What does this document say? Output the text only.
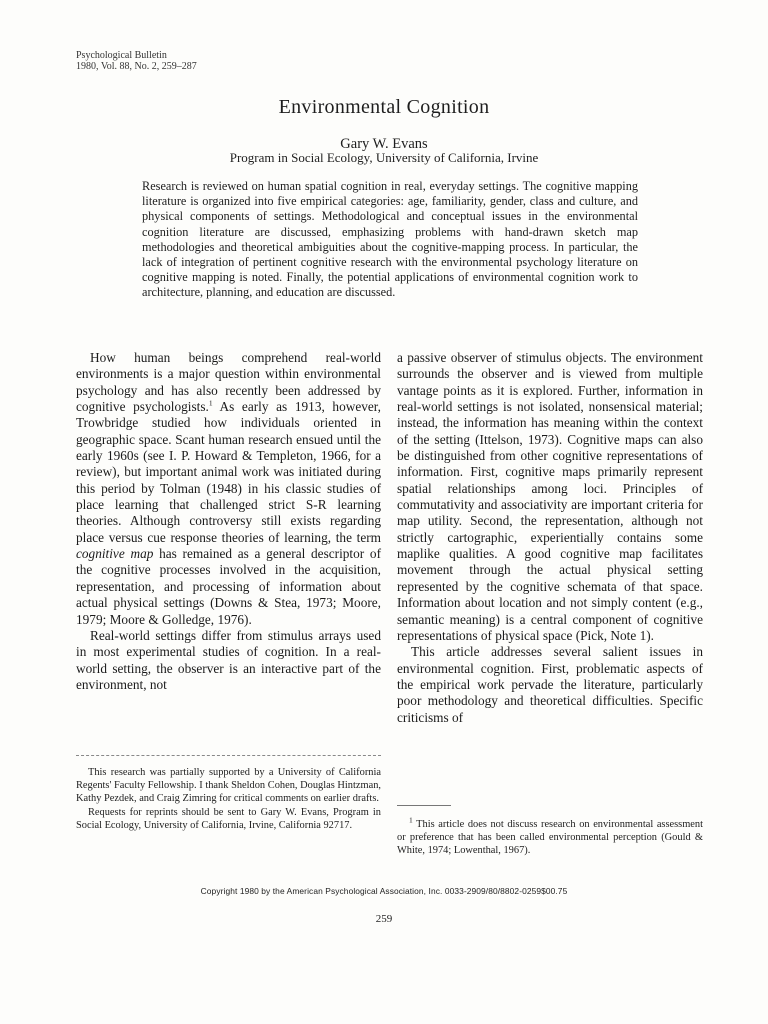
Psychological Bulletin
1980, Vol. 88, No. 2, 259–287
Environmental Cognition
Gary W. Evans
Program in Social Ecology, University of California, Irvine
Research is reviewed on human spatial cognition in real, everyday settings. The cognitive mapping literature is organized into five empirical categories: age, familiarity, gender, class and culture, and physical components of settings. Methodological and conceptual issues in the environmental cognition literature are discussed, emphasizing problems with hand-drawn sketch map methodologies and theoretical ambiguities about the cognitive-mapping process. In particular, the lack of integration of pertinent cognitive research with the environmental psychology literature on cognitive mapping is noted. Finally, the potential applications of environmental cognition work to architecture, planning, and education are discussed.

How human beings comprehend real-world environments is a major question within environmental psychology and has also recently been addressed by cognitive psychologists.$^1$ As early as 1913, however, Trowbridge studied how individuals oriented in geographic space. Scant human research ensued until the early 1960s (see I. P. Howard & Templeton, 1966, for a review), but important animal work was initiated during this period by Tolman (1948) in his classic studies of place learning that challenged strict S-R learning theories. Although controversy still exists regarding place versus cue response theories of learning, the term cognitive map has remained as a general descriptor of the cognitive processes involved in the acquisition, representation, and processing of information about actual physical settings (Downs & Stea, 1973; Moore, 1979; Moore & Golledge, 1976).

Real-world settings differ from stimulus arrays used in most experimental studies of cognition. In a real-world setting, the observer is an interactive part of the environment, not

a passive observer of stimulus objects. The environment surrounds the observer and is viewed from multiple vantage points as it is explored. Further, information in real-world settings is not isolated, nonsensical material; instead, the information has meaning within the context of the setting (Ittelson, 1973). Cognitive maps can also be distinguished from other cognitive representations of information. First, cognitive maps primarily represent spatial relationships among loci. Principles of commutativity and associativity are important criteria for map utility. Second, the representation, although not strictly cartographic, experientially contains some maplike qualities. A good cognitive map facilitates movement through the actual physical setting represented by the cognitive schemata of that space. Information about location and not simply content (e.g., semantic meaning) is a central component of cognitive representations of physical space (Pick, Note 1).

This article addresses several salient issues in environmental cognition. First, problematic aspects of the empirical work pervade the literature, particularly poor methodology and theoretical difficulties. Specific criticisms of

This research was partially supported by a University of California Regents' Faculty Fellowship. I thank Sheldon Cohen, Douglas Hintzman, Kathy Pezdek, and Craig Zimring for critical comments on earlier drafts.

Requests for reprints should be sent to Gary W. Evans, Program in Social Ecology, University of California, Irvine, California 92717.	$^1$ This article does not discuss research on environmental assessment or preference that has been called environmental perception (Gould & White, 1974; Lowenthal, 1967).

Copyright 1980 by the American Psychological Association, Inc. 0033-2909/80/8802-0259$00.75
259
